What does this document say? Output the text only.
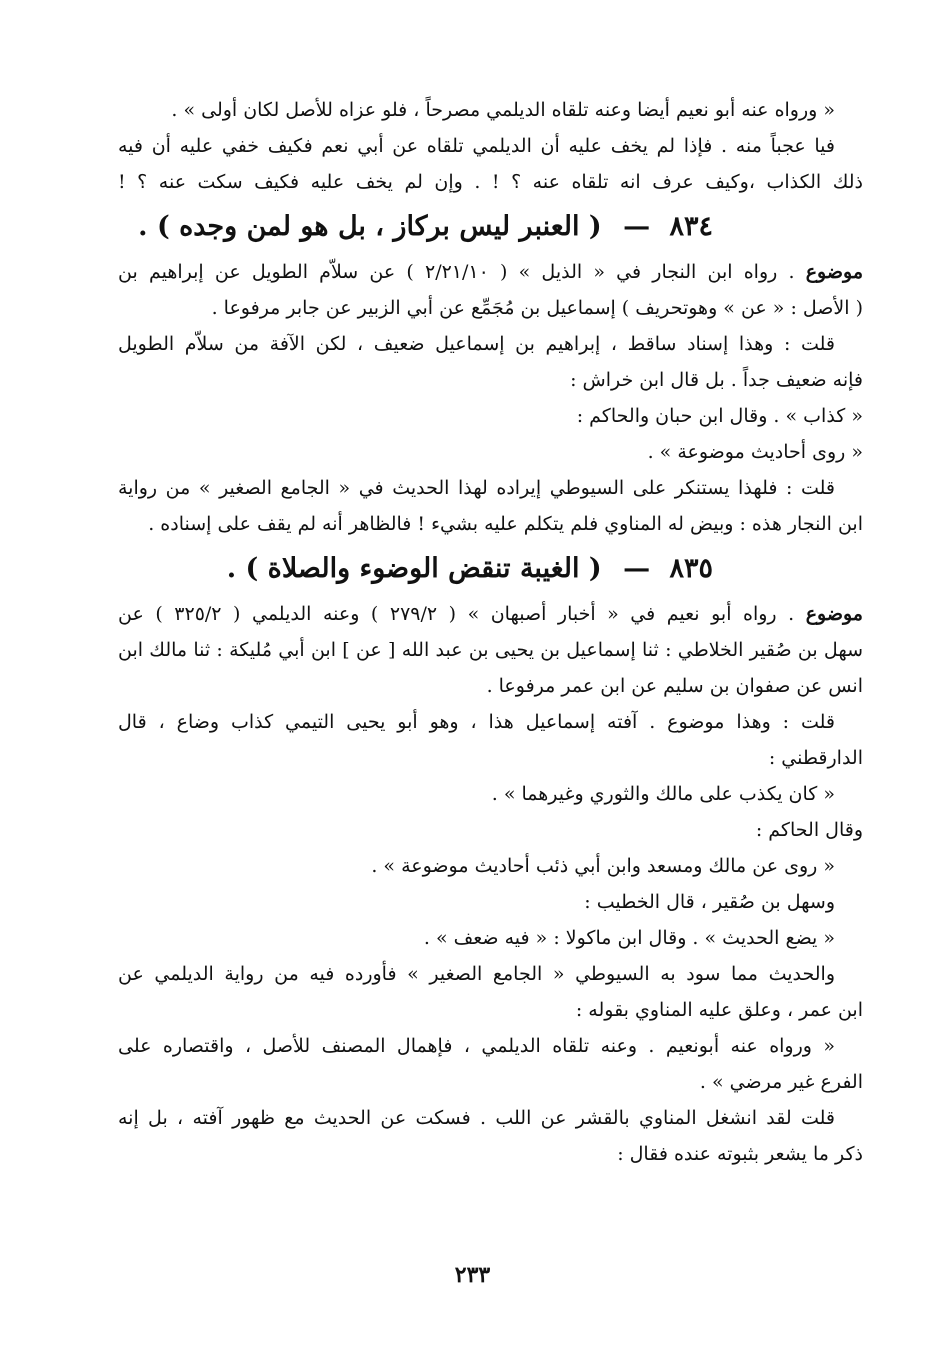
« ورواه عنه أبو نعيم أيضا وعنه تلقاه الديلمي مصرحاً ، فلو عزاه للأصل لكان أولى » .
فيا عجباً منه . فإذا لم يخف عليه أن الديلمي تلقاه عن أبي نعم فكيف خفي عليه أن فيه
ذلك الكذاب ،وكيف عرف انه تلقاه عنه ؟ ! . وإن لم يخف عليه فكيف سكت عنه ؟ !
٨٣٤ — ( العنبر ليس بركاز ، بل هو لمن وجده ) .
موضوع . رواه ابن النجار في « الذيل » ( ٢/٢١/١٠ ) عن سلاّم الطويل عن إبراهيم بن
( الأصل : « عن » وهوتحريف ) إسماعيل بن مُجَمِّع عن أبي الزبير عن جابر مرفوعا .
قلت : وهذا إسناد ساقط ، إبراهيم بن إسماعيل ضعيف ، لكن الآفة من سلاّم الطويل
فإنه ضعيف جداً . بل قال ابن خراش :
« كذاب » . وقال ابن حبان والحاكم :
« روى أحاديث موضوعة » .
قلت : فلهذا يستنكر على السيوطي إيراده لهذا الحديث في « الجامع الصغير » من رواية
ابن النجار هذه : وبيض له المناوي فلم يتكلم عليه بشيء ! فالظاهر أنه لم يقف على إسناده .
٨٣٥ — ( الغيبة تنقض الوضوء والصلاة ) .
موضوع . رواه أبو نعيم في « أخبار أصبهان » ( ٢٧٩/٢ ) وعنه الديلمي ( ٣٢٥/٢ ) عن
سهل بن صُقير الخلاطي : ثنا إسماعيل بن يحيى بن عبد الله [ عن ] ابن أبي مُليكة : ثنا مالك ابن
انس عن صفوان بن سليم عن ابن عمر مرفوعا .
قلت : وهذا موضوع . آفته إسماعيل هذا ، وهو أبو يحيى التيمي كذاب وضاع ، قال
الدارقطني :
« كان يكذب على مالك والثوري وغيرهما » .
وقال الحاكم :
« روى عن مالك ومسعد وابن أبي ذئب أحاديث موضوعة » .
وسهل بن صُقير ، قال الخطيب :
« يضع الحديث » . وقال ابن ماكولا : « فيه ضعف » .
والحديث مما سود به السيوطي « الجامع الصغير » فأورده فيه من رواية الديلمي عن
ابن عمر ، وعلق عليه المناوي بقوله :
« ورواه عنه أبونعيم . وعنه تلقاه الديلمي ، فإهمال المصنف للأصل ، واقتصاره على
الفرع غير مرضي » .
قلت لقد انشغل المناوي بالقشر عن اللب . فسكت عن الحديث مع ظهور آفته ، بل إنه
ذكر ما يشعر بثبوته عنده فقال :
٢٣٣
